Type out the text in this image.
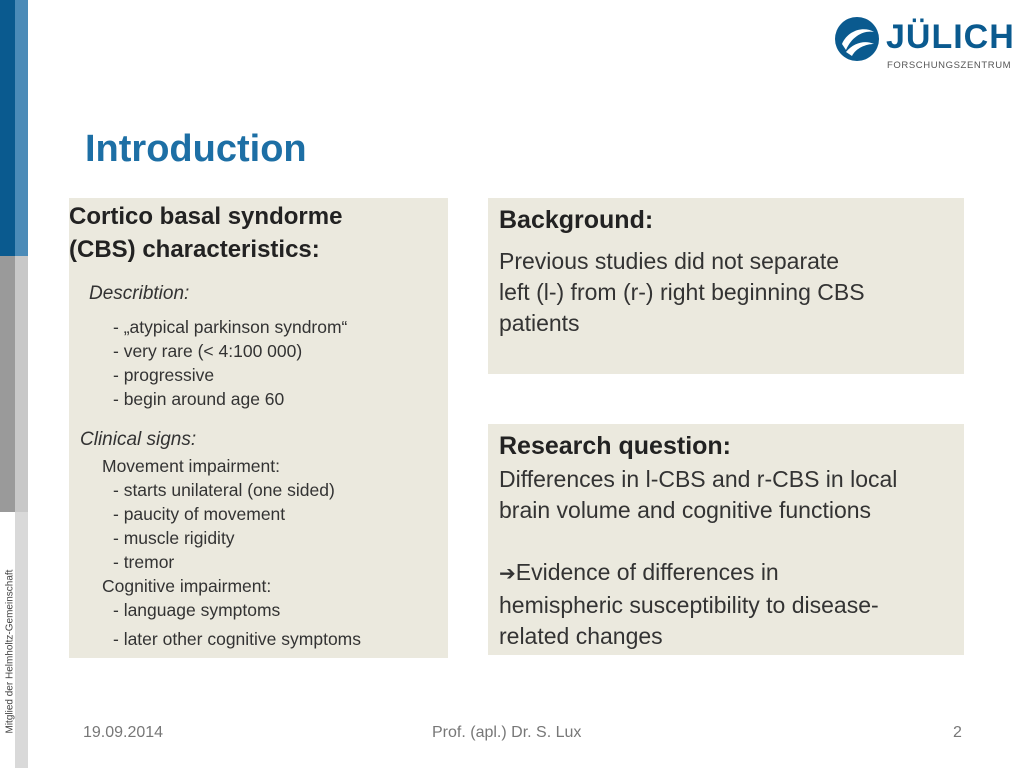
Mitglied der Helmholtz-Gemeinschaft
JÜLICH
FORSCHUNGSZENTRUM
Introduction
Cortico basal syndorme
(CBS) characteristics:
Describtion:
- „atypical parkinson syndrom“
- very rare (< 4:100 000)
- progressive
- begin around age 60
Clinical signs:
Movement impairment:
- starts unilateral (one sided)
- paucity of movement
- muscle rigidity
- tremor
Cognitive impairment:
- language symptoms
- later other cognitive symptoms
Background:
Previous studies did not separate
left (l-) from (r-) right beginning CBS
patients
Research question:
Differences in l-CBS and r-CBS in local
brain volume and cognitive functions
➔Evidence of differences in
hemispheric susceptibility to disease-
related changes
19.09.2014	Prof. (apl.) Dr. S. Lux	2
